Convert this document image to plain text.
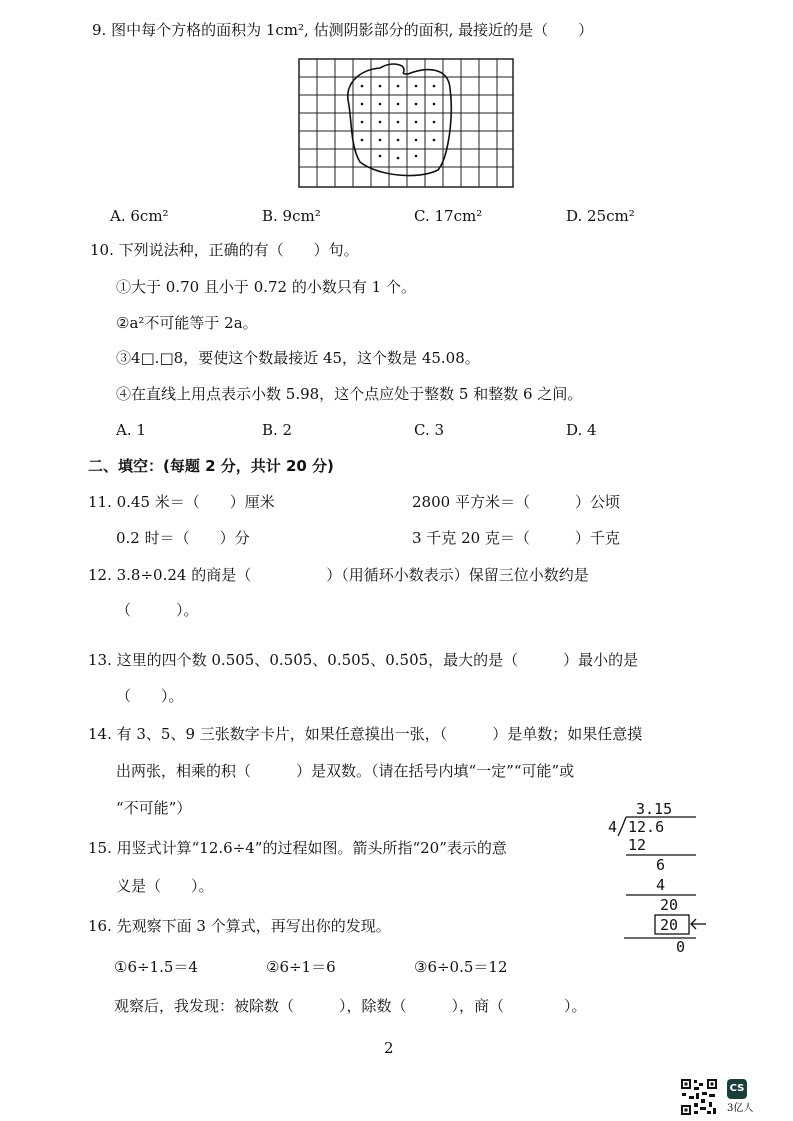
9. 图中每个方格的面积为 1cm², 估测阴影部分的面积, 最接近的是（　　）
A. 6cm²	B. 9cm²	C. 17cm²	D. 25cm²
10. 下列说法种，正确的有（　　）句。
①大于 0.70 且小于 0.72 的小数只有 1 个。
②a²不可能等于 2a。
③4□.□8，要使这个数最接近 45，这个数是 45.08。
④在直线上用点表示小数 5.98，这个点应处于整数 5 和整数 6 之间。
A. 1	B. 2	C. 3	D. 4
二、填空：(每题 2 分，共计 20 分)
11. 0.45 米＝（　　）厘米	2800 平方米＝（　　　）公顷
0.2 时＝（　　）分	3 千克 20 克＝（　　　）千克
12. 3.8÷0.24 的商是（　　　　　）（用循环小数表示）保留三位小数约是
（　　　）。
13. 这里的四个数 0.505̇、0.50̇5̇、0.5̇05̇、0.5̇0̇5̇，最大的是（　　　）最小的是
（　　）。
14. 有 3、5、9 三张数字卡片，如果任意摸出一张，（　　　）是单数；如果任意摸
出两张，相乘的积（　　　）是双数。（请在括号内填“一定”“可能”或
“不可能”）
15. 用竖式计算“12.6÷4”的过程如图。箭头所指“20”表示的意
义是（　　）。
3.15
4 12.6
12
6
4
20
20
0
16. 先观察下面 3 个算式，再写出你的发现。
①6÷1.5＝4	②6÷1＝6	③6÷0.5＝12
观察后，我发现：被除数（　　　），除数（　　　），商（　　　　）。
2
CS
3亿人
